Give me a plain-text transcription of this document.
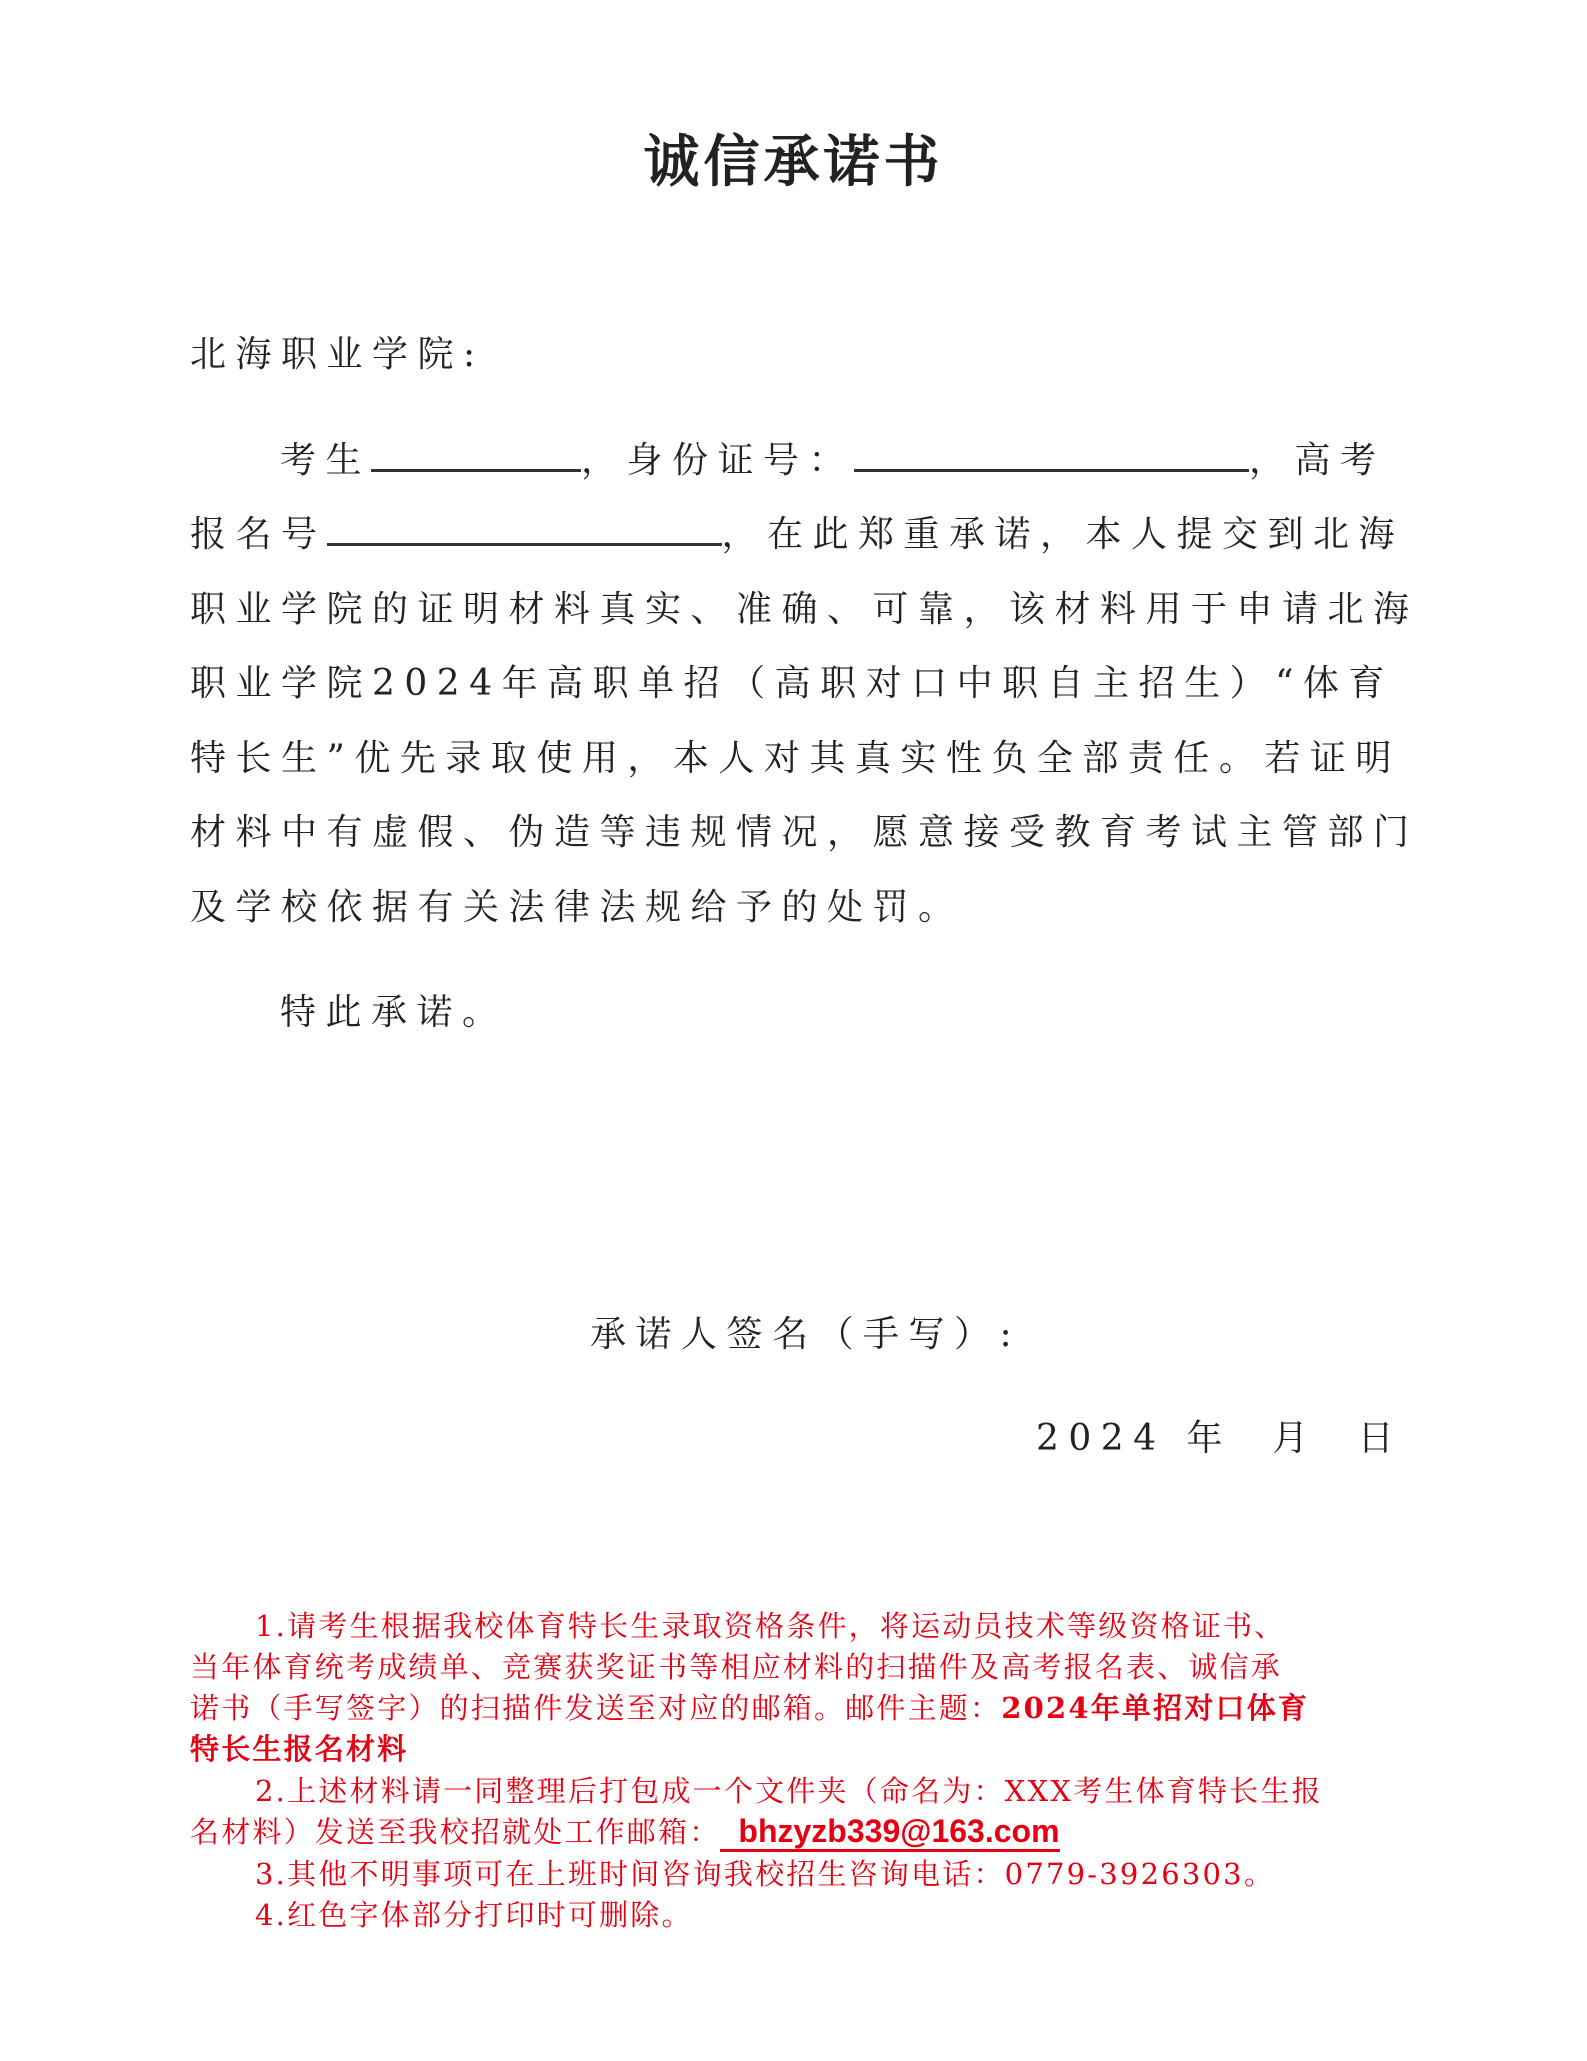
诚信承诺书
北海职业学院:
考生	，身份证号：	，高考
报名号	，在此郑重承诺，本人提交到北海
职业学院的证明材料真实、准确、可靠，该材料用于申请北海
职业学院2024年高职单招（高职对口中职自主招生）“体育
特长生”优先录取使用，本人对其真实性负全部责任。若证明
材料中有虚假、伪造等违规情况，愿意接受教育考试主管部门
及学校依据有关法律法规给予的处罚。
特此承诺。
承诺人签名（手写）:
2024 年 月 日
1.请考生根据我校体育特长生录取资格条件，将运动员技术等级资格证书、
当年体育统考成绩单、竞赛获奖证书等相应材料的扫描件及高考报名表、诚信承
诺书（手写签字）的扫描件发送至对应的邮箱。邮件主题：2024年单招对口体育
特长生报名材料
2.上述材料请一同整理后打包成一个文件夹（命名为：XXX考生体育特长生报
名材料）发送至我校招就处工作邮箱： bhzyzb339@163.com
3.其他不明事项可在上班时间咨询我校招生咨询电话：0779-3926303。
4.红色字体部分打印时可删除。
